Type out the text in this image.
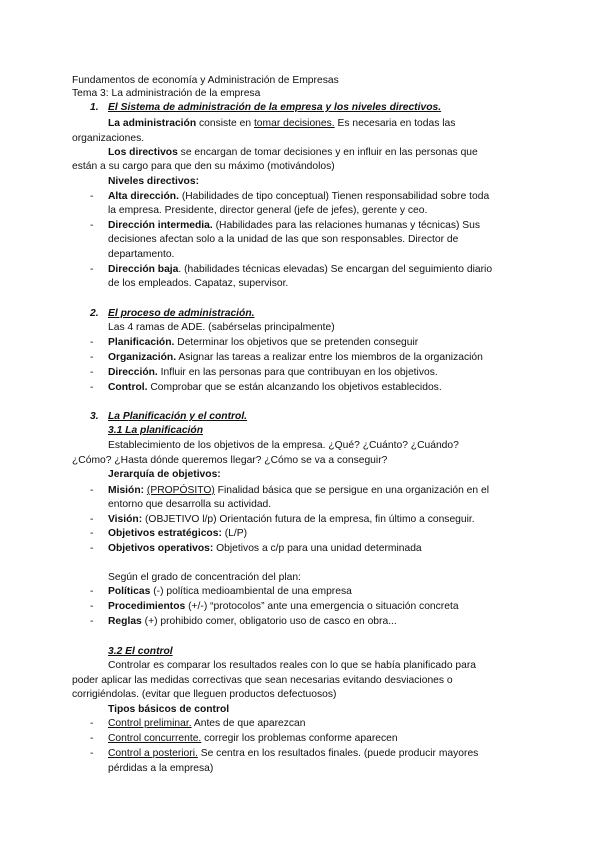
Fundamentos de economía y Administración de Empresas
Tema 3: La administración de la empresa
1. El Sistema de administración de la empresa y los niveles directivos.
La administración consiste en tomar decisiones. Es necesaria en todas las
organizaciones.
Los directivos se encargan de tomar decisiones y en influir en las personas que
están a su cargo para que den su máximo (motivándolos)
Niveles directivos:
- Alta dirección. (Habilidades de tipo conceptual) Tienen responsabilidad sobre toda
la empresa. Presidente, director general (jefe de jefes), gerente y ceo.
- Dirección intermedia. (Habilidades para las relaciones humanas y técnicas) Sus
decisiones afectan solo a la unidad de las que son responsables. Director de
departamento.
- Dirección baja. (habilidades técnicas elevadas) Se encargan del seguimiento diario
de los empleados. Capataz, supervisor.
2. El proceso de administración.
Las 4 ramas de ADE. (sabérselas principalmente)
- Planificación. Determinar los objetivos que se pretenden conseguir
- Organización. Asignar las tareas a realizar entre los miembros de la organización
- Dirección. Influir en las personas para que contribuyan en los objetivos.
- Control. Comprobar que se están alcanzando los objetivos establecidos.
3. La Planificación y el control.
3.1 La planificación
Establecimiento de los objetivos de la empresa. ¿Qué? ¿Cuánto? ¿Cuándo?
¿Cómo? ¿Hasta dónde queremos llegar? ¿Cómo se va a conseguir?
Jerarquía de objetivos:
- Misión: (PROPÓSITO) Finalidad básica que se persigue en una organización en el
entorno que desarrolla su actividad.
- Visión: (OBJETIVO l/p) Orientación futura de la empresa, fin último a conseguir.
- Objetivos estratégicos: (L/P)
- Objetivos operativos: Objetivos a c/p para una unidad determinada
Según el grado de concentración del plan:
- Políticas (-) política medioambiental de una empresa
- Procedimientos (+/-) “protocolos” ante una emergencia o situación concreta
- Reglas (+) prohibido comer, obligatorio uso de casco en obra...
3.2 El control
Controlar es comparar los resultados reales con lo que se había planificado para
poder aplicar las medidas correctivas que sean necesarias evitando desviaciones o
corrigiéndolas. (evitar que lleguen productos defectuosos)
Tipos básicos de control
- Control preliminar. Antes de que aparezcan
- Control concurrente. corregir los problemas conforme aparecen
- Control a posteriori. Se centra en los resultados finales. (puede producir mayores
pérdidas a la empresa)
